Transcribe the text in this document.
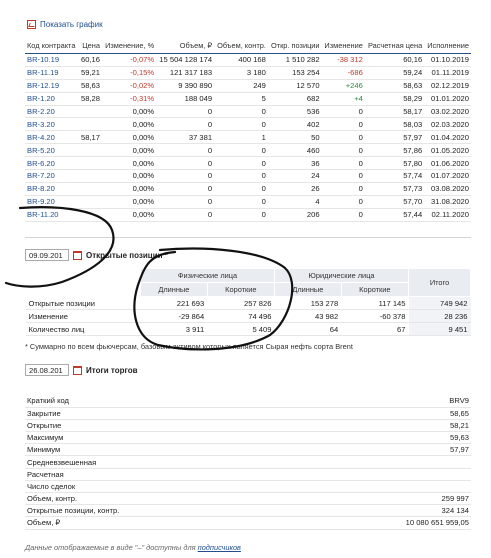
Показать график
Код контракта	Цена	Изменение, %	Объем, ₽	Объем, контр.	Откр. позиции	Изменение	Расчетная цена	Исполнение
BR-10.19	60,16	-0,07%	15 504 128 174	400 168	1 510 282	-38 312	60,16	01.10.2019
BR-11.19	59,21	-0,15%	121 317 183	3 180	153 254	-686	59,24	01.11.2019
BR-12.19	58,63	-0,02%	9 390 890	249	12 570	+246	58,63	02.12.2019
BR-1.20	58,28	-0,31%	188 049	5	682	+4	58,29	01.01.2020
BR-2.20		0,00%	0	0	536	0	58,17	03.02.2020
BR-3.20		0,00%	0	0	402	0	58,03	02.03.2020
BR-4.20	58,17	0,00%	37 381	1	50	0	57,97	01.04.2020
BR-5.20		0,00%	0	0	460	0	57,86	01.05.2020
BR-6.20		0,00%	0	0	36	0	57,80	01.06.2020
BR-7.20		0,00%	0	0	24	0	57,74	01.07.2020
BR-8.20		0,00%	0	0	26	0	57,73	03.08.2020
BR-9.20		0,00%	0	0	4	0	57,70	31.08.2020
BR-11.20		0,00%	0	0	206	0	57,44	02.11.2020
09.09.201
Открытые позиции *
	Физические лица		Юридические лица		Итого
	Длинные	Короткие	Длинные	Короткие	
Открытые позиции	221 693	257 826	153 278	117 145	749 942
Изменение	-29 864	74 496	43 982	-60 378	28 236
Количество лиц	3 911	5 409	64	67	9 451
* Суммарно по всем фьючерсам, базовым активом которых является Сырая нефть сорта Brent
26.08.201
Итоги торгов
Краткий код	BRV9
Закрытие	58,65
Открытие	58,21
Максимум	59,63
Минимум	57,97
Средневзвешенная	
Расчетная	
Число сделок	
Объем, контр.	259 997
Открытые позиции, контр.	324 134
Объем, ₽	10 080 651 959,05
Данные отображаемые в виде "–" доступны для подписчиков
